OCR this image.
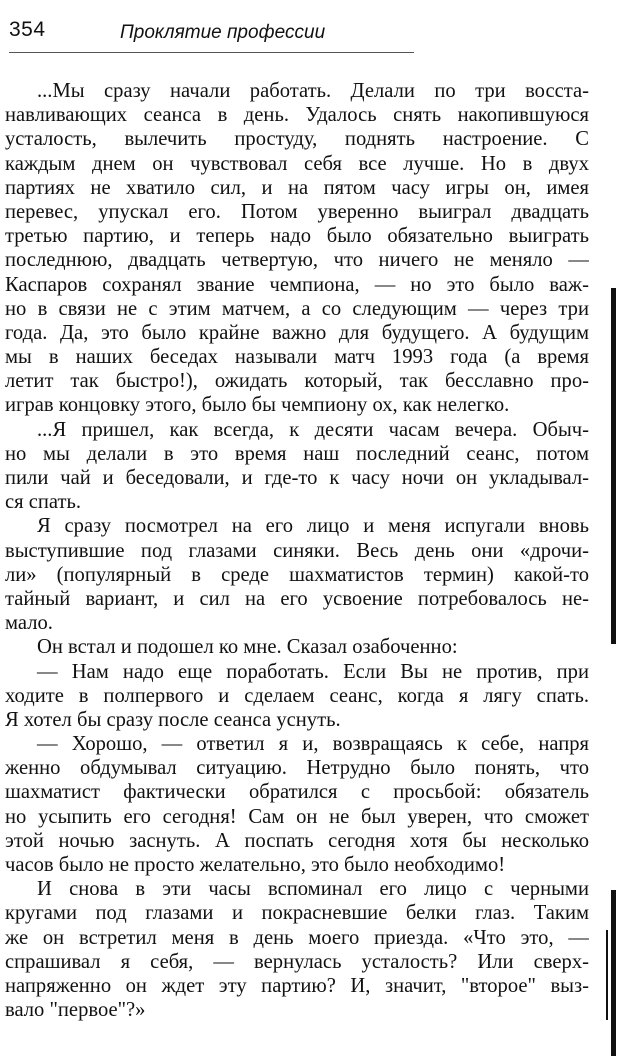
354	Проклятие профессии
...Мы сразу начали работать. Делали по три восста-
навливающих сеанса в день. Удалось снять накопившуюся
усталость, вылечить простуду, поднять настроение. С
каждым днем он чувствовал себя все лучше. Но в двух
партиях не хватило сил, и на пятом часу игры он, имея
перевес, упускал его. Потом уверенно выиграл двадцать
третью партию, и теперь надо было обязательно выиграть
последнюю, двадцать четвертую, что ничего не меняло —
Каспаров сохранял звание чемпиона, — но это было важ-
но в связи не с этим матчем, а со следующим — через три
года. Да, это было крайне важно для будущего. А будущим
мы в наших беседах называли матч 1993 года (а время
летит так быстро!), ожидать который, так бесславно про-
играв концовку этого, было бы чемпиону ох, как нелегко.
...Я пришел, как всегда, к десяти часам вечера. Обыч-
но мы делали в это время наш последний сеанс, потом
пили чай и беседовали, и где-то к часу ночи он укладывал-
ся спать.
Я сразу посмотрел на его лицо и меня испугали вновь
выступившие под глазами синяки. Весь день они «дрочи-
ли» (популярный в среде шахматистов термин) какой-то
тайный вариант, и сил на его усвоение потребовалось не-
мало.
Он встал и подошел ко мне. Сказал озабоченно:
— Нам надо еще поработать. Если Вы не против, при
ходите в полпервого и сделаем сеанс, когда я лягу спать.
Я хотел бы сразу после сеанса уснуть.
— Хорошо, — ответил я и, возвращаясь к себе, напря
женно обдумывал ситуацию. Нетрудно было понять, что
шахматист фактически обратился с просьбой: обязатель
но усыпить его сегодня! Сам он не был уверен, что сможет
этой ночью заснуть. А поспать сегодня хотя бы несколько
часов было не просто желательно, это было необходимо!
И снова в эти часы вспоминал его лицо с черными
кругами под глазами и покрасневшие белки глаз. Таким
же он встретил меня в день моего приезда. «Что это, —
спрашивал я себя, — вернулась усталость? Или сверх-
напряженно он ждет эту партию? И, значит, "второе" выз-
вало "первое"?»
